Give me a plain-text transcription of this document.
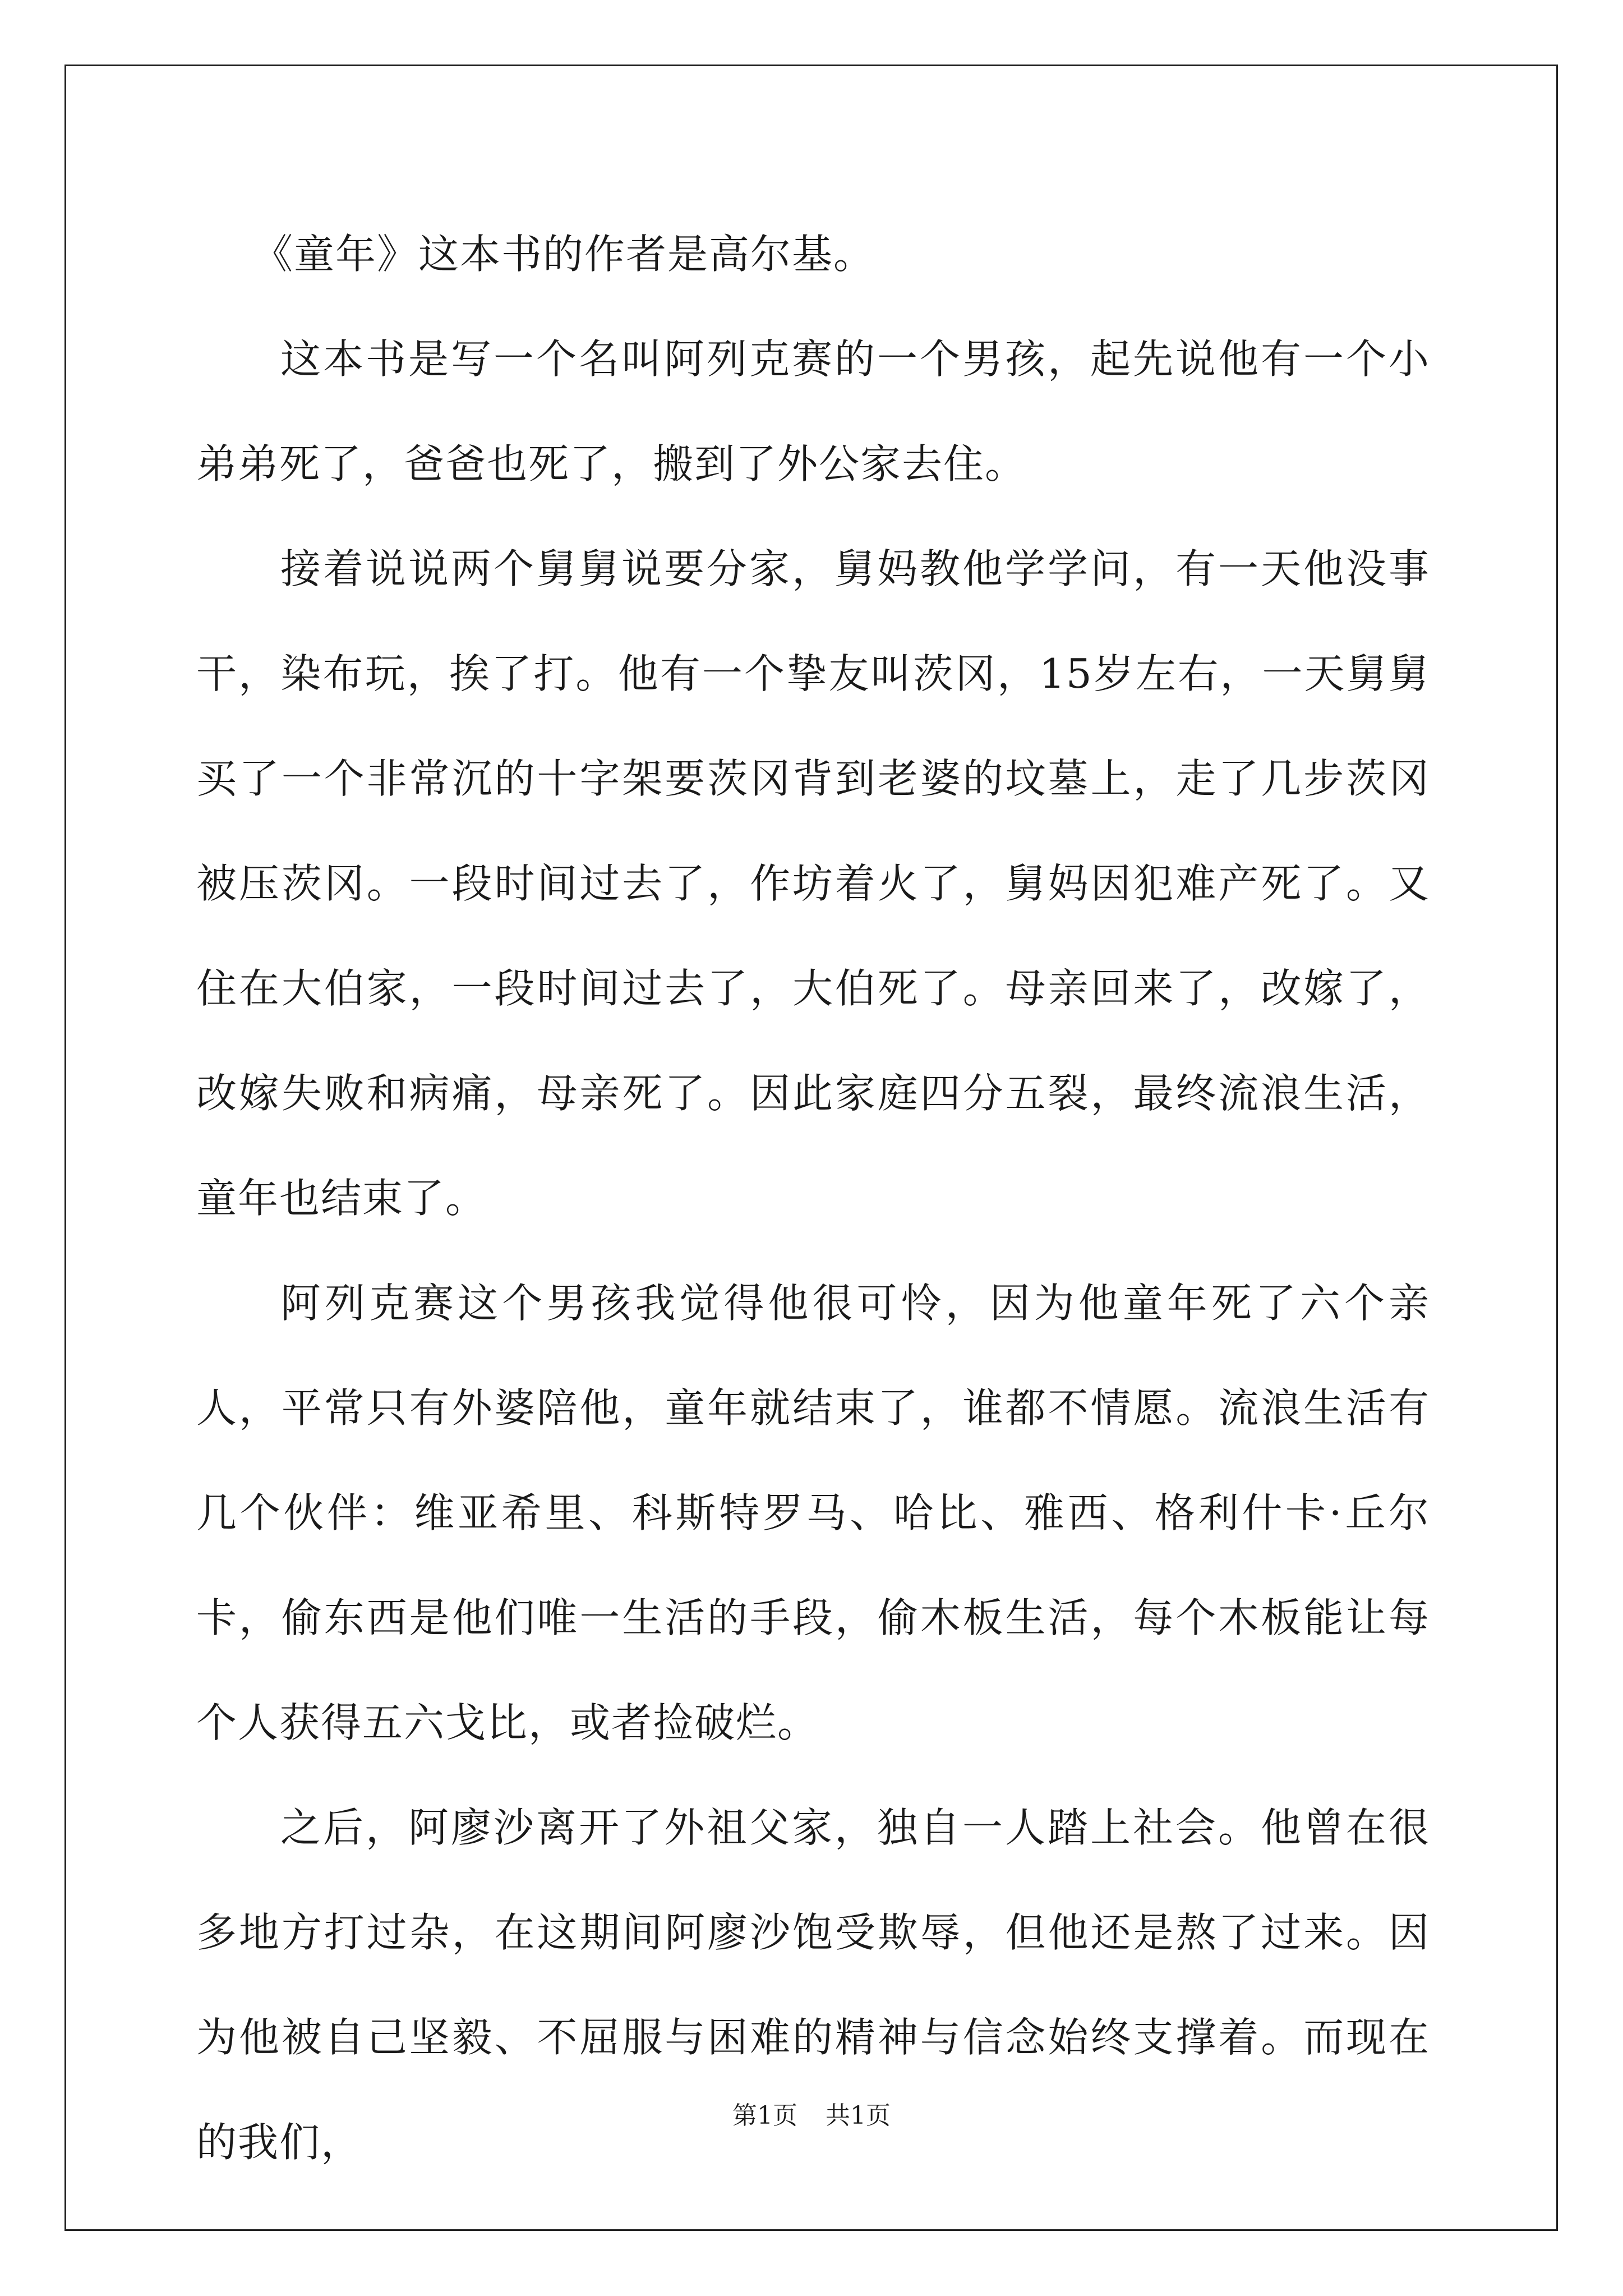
《童年》这本书的作者是高尔基。

这本书是写一个名叫阿列克赛的一个男孩，起先说他有一个小弟弟死了，爸爸也死了，搬到了外公家去住。

接着说说两个舅舅说要分家，舅妈教他学学问，有一天他没事干，染布玩，挨了打。他有一个挚友叫茨冈，15岁左右，一天舅舅买了一个非常沉的十字架要茨冈背到老婆的坟墓上，走了几步茨冈被压茨冈。一段时间过去了，作坊着火了，舅妈因犯难产死了。又住在大伯家，一段时间过去了，大伯死了。母亲回来了，改嫁了，改嫁失败和病痛，母亲死了。因此家庭四分五裂，最终流浪生活，童年也结束了。

阿列克赛这个男孩我觉得他很可怜，因为他童年死了六个亲人，平常只有外婆陪他，童年就结束了，谁都不情愿。流浪生活有几个伙伴：维亚希里、科斯特罗马、哈比、雅西、格利什卡·丘尔卡，偷东西是他们唯一生活的手段，偷木板生活，每个木板能让每个人获得五六戈比，或者捡破烂。

之后，阿廖沙离开了外祖父家，独自一人踏上社会。他曾在很多地方打过杂，在这期间阿廖沙饱受欺辱，但他还是熬了过来。因为他被自己坚毅、不屈服与困难的精神与信念始终支撑着。而现在的我们，

第1页 共1页
